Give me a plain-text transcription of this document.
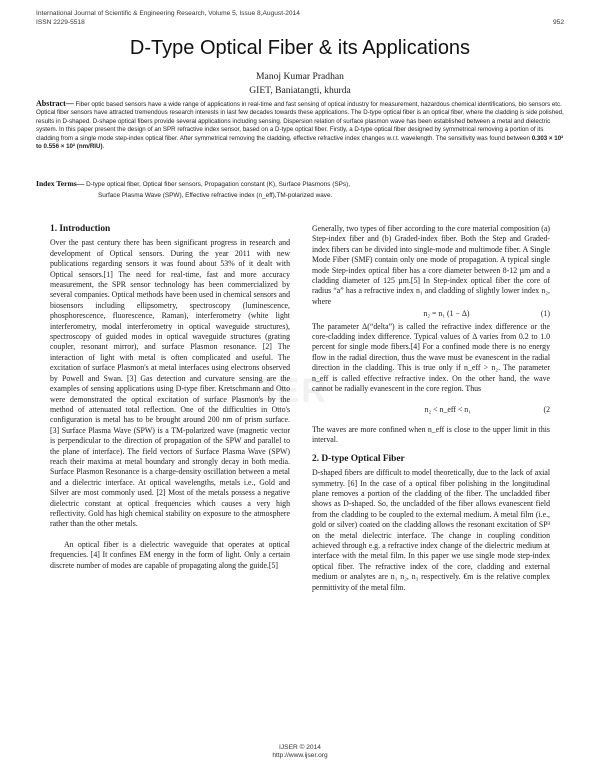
International Journal of Scientific & Engineering Research, Volume 5, Issue 8,August-2014
ISSN 2229-5518	952
SER
D-Type Optical Fiber & its Applications
Manoj Kumar Pradhan
GIET, Baniatangti, khurda
Abstract— Fiber optic based sensors have a wide range of applications in real-time and fast sensing of optical industry for measurement, hazardous chemical identifications, bio sensors etc. Optical fiber sensors have attracted tremendous research interests in last few decades towards these applications. The D-type optical fiber is an optical fiber, where the cladding is side polished, results in D-shaped. D-shape optical fibers provide several applications including sensing. Dispersion relation of surface plasmon wave has been established between a metal and dielectric system. In this paper present the design of an SPR refractive index sensor, based on a D-type optical fiber. Firstly, a D-type optical fiber designed by symmetrical removing a portion of its cladding from a single mode step-index optical fiber. After symmetrical removing the cladding, effective refractive index changes w.r.t. wavelength. The sensitivity was found between 0.303 × 10² to 0.556 × 10² (nm/RIU).
Index Terms— D-type optical fiber, Optical fiber sensors, Propagation constant (K), Surface Plasmons (SPs),
Surface Plasma Wave (SPW), Effective refractive index (n_eff),TM-polarized wave.
1. Introduction

Over the past century there has been significant progress in research and development of Optical sensors. During the year 2011 with new publications regarding sensors it was found about 53% of it dealt with Optical sensors.[1] The need for real-time, fast and more accuracy measurement, the SPR sensor technology has been commercialized by several companies. Optical methods have been used in chemical sensors and biosensors including ellipsometry, spectroscopy (luminescence, phosphorescence, fluorescence, Raman), interferometry (white light interferometry, modal interferometry in optical waveguide structures), spectroscopy of guided modes in optical waveguide structures (grating coupler, resonant mirror), and surface Plasmon resonance. [2] The interaction of light with metal is often complicated and useful. The excitation of surface Plasmon's at metal interfaces using electrons observed by Powell and Swan. [3] Gas detection and curvature sensing are the examples of sensing applications using D-type fiber. Kretschmann and Otto were demonstrated the optical excitation of surface Plasmon's by the method of attenuated total reflection. One of the difficulties in Otto's configuration is metal has to be brought around 200 nm of prism surface. [3] Surface Plasma Wave (SPW) is a TM-polarized wave (magnetic vector is perpendicular to the direction of propagation of the SPW and parallel to the plane of interface). The field vectors of Surface Plasma Wave (SPW) reach their maxima at metal boundary and strongly decay in both media. Surface Plasmon Resonance is a charge-density oscillation between a metal and a dielectric interface. At optical wavelengths, metals i.e., Gold and Silver are most commonly used. [2] Most of the metals possess a negative dielectric constant at optical frequencies which causes a very high reflectivity. Gold has high chemical stability on exposure to the atmosphere rather than the other metals.

An optical fiber is a dielectric waveguide that operates at optical frequencies. [4] It confines EM energy in the form of light. Only a certain discrete number of modes are capable of propagating along the guide.[5]

Generally, two types of fiber according to the core material composition (a) Step-index fiber and (b) Graded-index fiber. Both the Step and Graded-index fibers can be divided into single-mode and multimode fiber. A Single Mode Fiber (SMF) contain only one mode of propagation. A typical single mode Step-index optical fiber has a core diameter between 8-12 µm and a cladding diameter of 125 µm.[5] In Step-index optical fiber the core of radius “a” has a refractive index n₁ and cladding of slightly lower index n₂, where

n₂ = n₁ (1 − Δ)	(1)

The parameter Δ(“delta”) is called the refractive index difference or the core-cladding index difference. Typical values of Δ varies from 0.2 to 1.0 percent for single mode fibers.[4] For a confined mode there is no energy flow in the radial direction, thus the wave must be evanescent in the radial direction in the cladding. This is true only if n_eff > n₂. The parameter n_eff is called effective refractive index. On the other hand, the wave cannot be radially evanescent in the core region. Thus

n₂ < n_eff < n₁	(2

The waves are more confined when n_eff is close to the upper limit in this interval.

2. D-type Optical Fiber

D-shaped fibers are difficult to model theoretically, due to the lack of axial symmetry. [6] In the case of a optical fiber polishing in the longitudinal plane removes a portion of the cladding of the fiber. The uncladded fiber shows as D-shaped. So, the uncladded of the fiber allows evanescent field from the cladding to be coupled to the external medium. A metal film (i.e., gold or silver) coated on the cladding allows the resonant excitation of SP³ on the metal dielectric interface. The change in coupling condition achieved through e.g. a refractive index change of the dielectric medium at interface with the metal film. In this paper we use single mode step-index optical fiber. The refractive index of the core, cladding and external medium or analytes are n₁ n₂, n₃ respectively. €m is the relative complex permittivity of the metal film.

IJSER © 2014
http://www.ijser.org
